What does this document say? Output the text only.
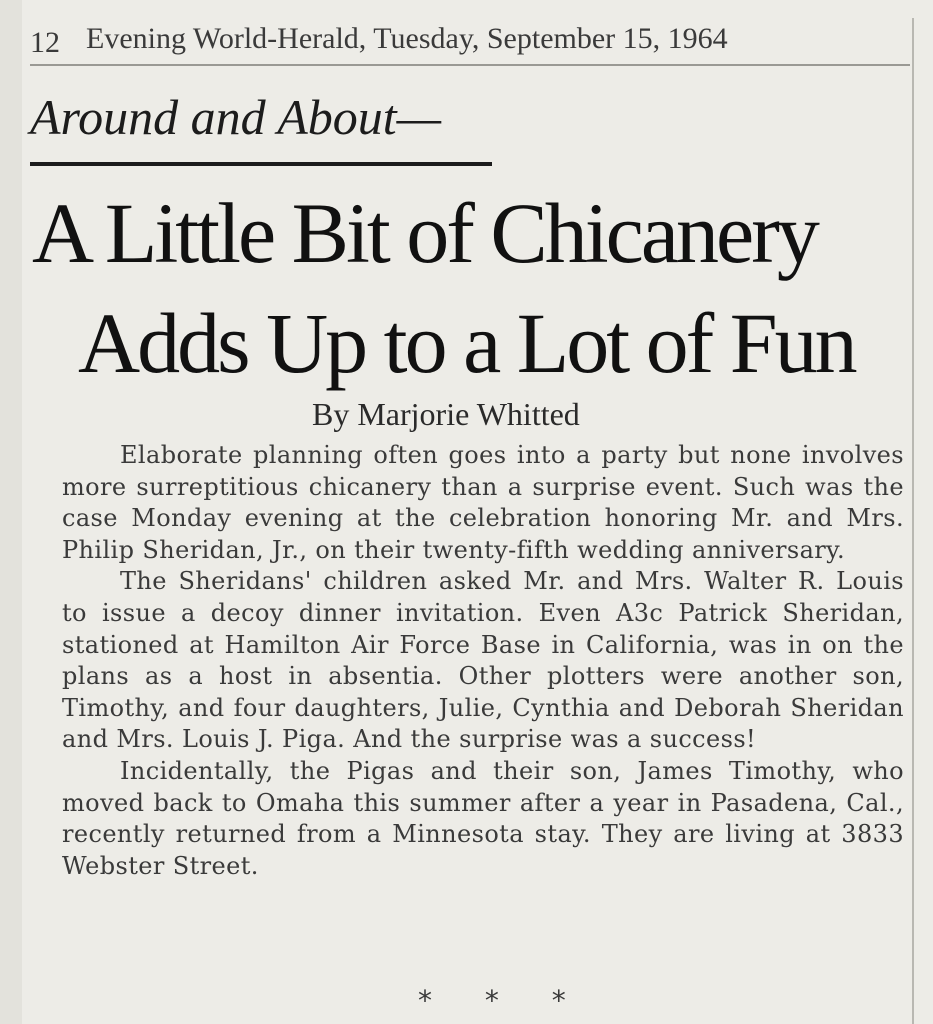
12 Evening World-Herald, Tuesday, September 15, 1964
Around and About—
A Little Bit of Chicanery
Adds Up to a Lot of Fun
By Marjorie Whitted

Elaborate planning often goes into a party but none involves more surreptitious chicanery than a surprise event. Such was the case Monday evening at the celebration honoring Mr. and Mrs. Philip Sheridan, Jr., on their twenty-fifth wedding anniversary.

The Sheridans' children asked Mr. and Mrs. Walter R. Louis to issue a decoy dinner invitation. Even A3c Patrick Sheridan, stationed at Hamilton Air Force Base in California, was in on the plans as a host in absentia. Other plotters were another son, Timothy, and four daughters, Julie, Cynthia and Deborah Sheridan and Mrs. Louis J. Piga. And the surprise was a success!

Incidentally, the Pigas and their son, James Timothy, who moved back to Omaha this summer after a year in Pasadena, Cal., recently returned from a Minnesota stay. They are living at 3833 Webster Street.

* * *
